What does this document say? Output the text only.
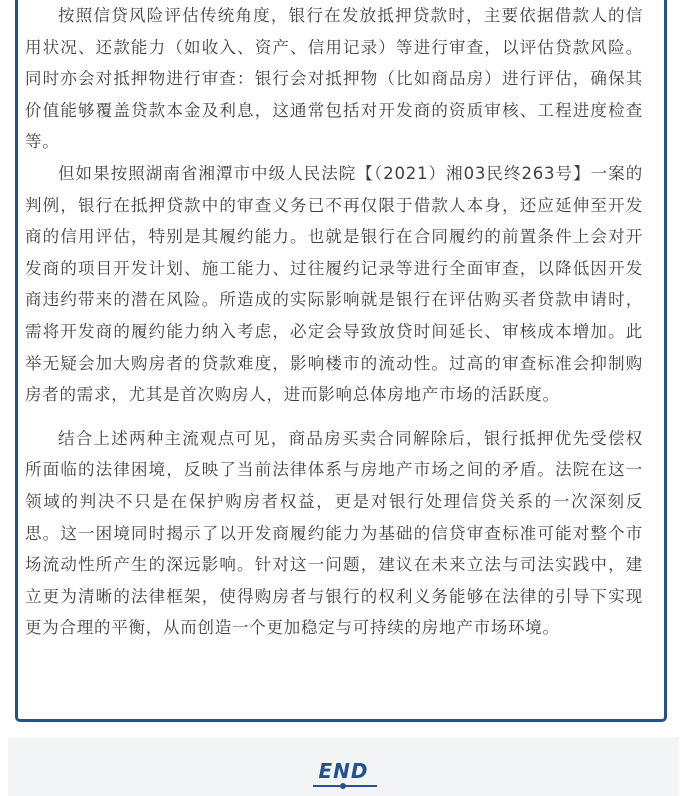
按照信贷风险评估传统角度，银行在发放抵押贷款时，主要依据借款人的信用状况、还款能力（如收入、资产、信用记录）等进行审查，以评估贷款风险。同时亦会对抵押物进行审查：银行会对抵押物（比如商品房）进行评估，确保其价值能够覆盖贷款本金及利息，这通常包括对开发商的资质审核、工程进度检查等。

但如果按照湖南省湘潭市中级人民法院【（2021）湘03民终263号】一案的判例，银行在抵押贷款中的审查义务已不再仅限于借款人本身，还应延伸至开发商的信用评估，特别是其履约能力。也就是银行在合同履约的前置条件上会对开发商的项目开发计划、施工能力、过往履约记录等进行全面审查，以降低因开发商违约带来的潜在风险。所造成的实际影响就是银行在评估购买者贷款申请时，需将开发商的履约能力纳入考虑，必定会导致放贷时间延长、审核成本增加。此举无疑会加大购房者的贷款难度，影响楼市的流动性。过高的审查标准会抑制购房者的需求，尤其是首次购房人，进而影响总体房地产市场的活跃度。

结合上述两种主流观点可见，商品房买卖合同解除后，银行抵押优先受偿权所面临的法律困境，反映了当前法律体系与房地产市场之间的矛盾。法院在这一领域的判决不只是在保护购房者权益，更是对银行处理信贷关系的一次深刻反思。这一困境同时揭示了以开发商履约能力为基础的信贷审查标准可能对整个市场流动性所产生的深远影响。针对这一问题，建议在未来立法与司法实践中，建立更为清晰的法律框架，使得购房者与银行的权利义务能够在法律的引导下实现更为合理的平衡，从而创造一个更加稳定与可持续的房地产市场环境。

END
